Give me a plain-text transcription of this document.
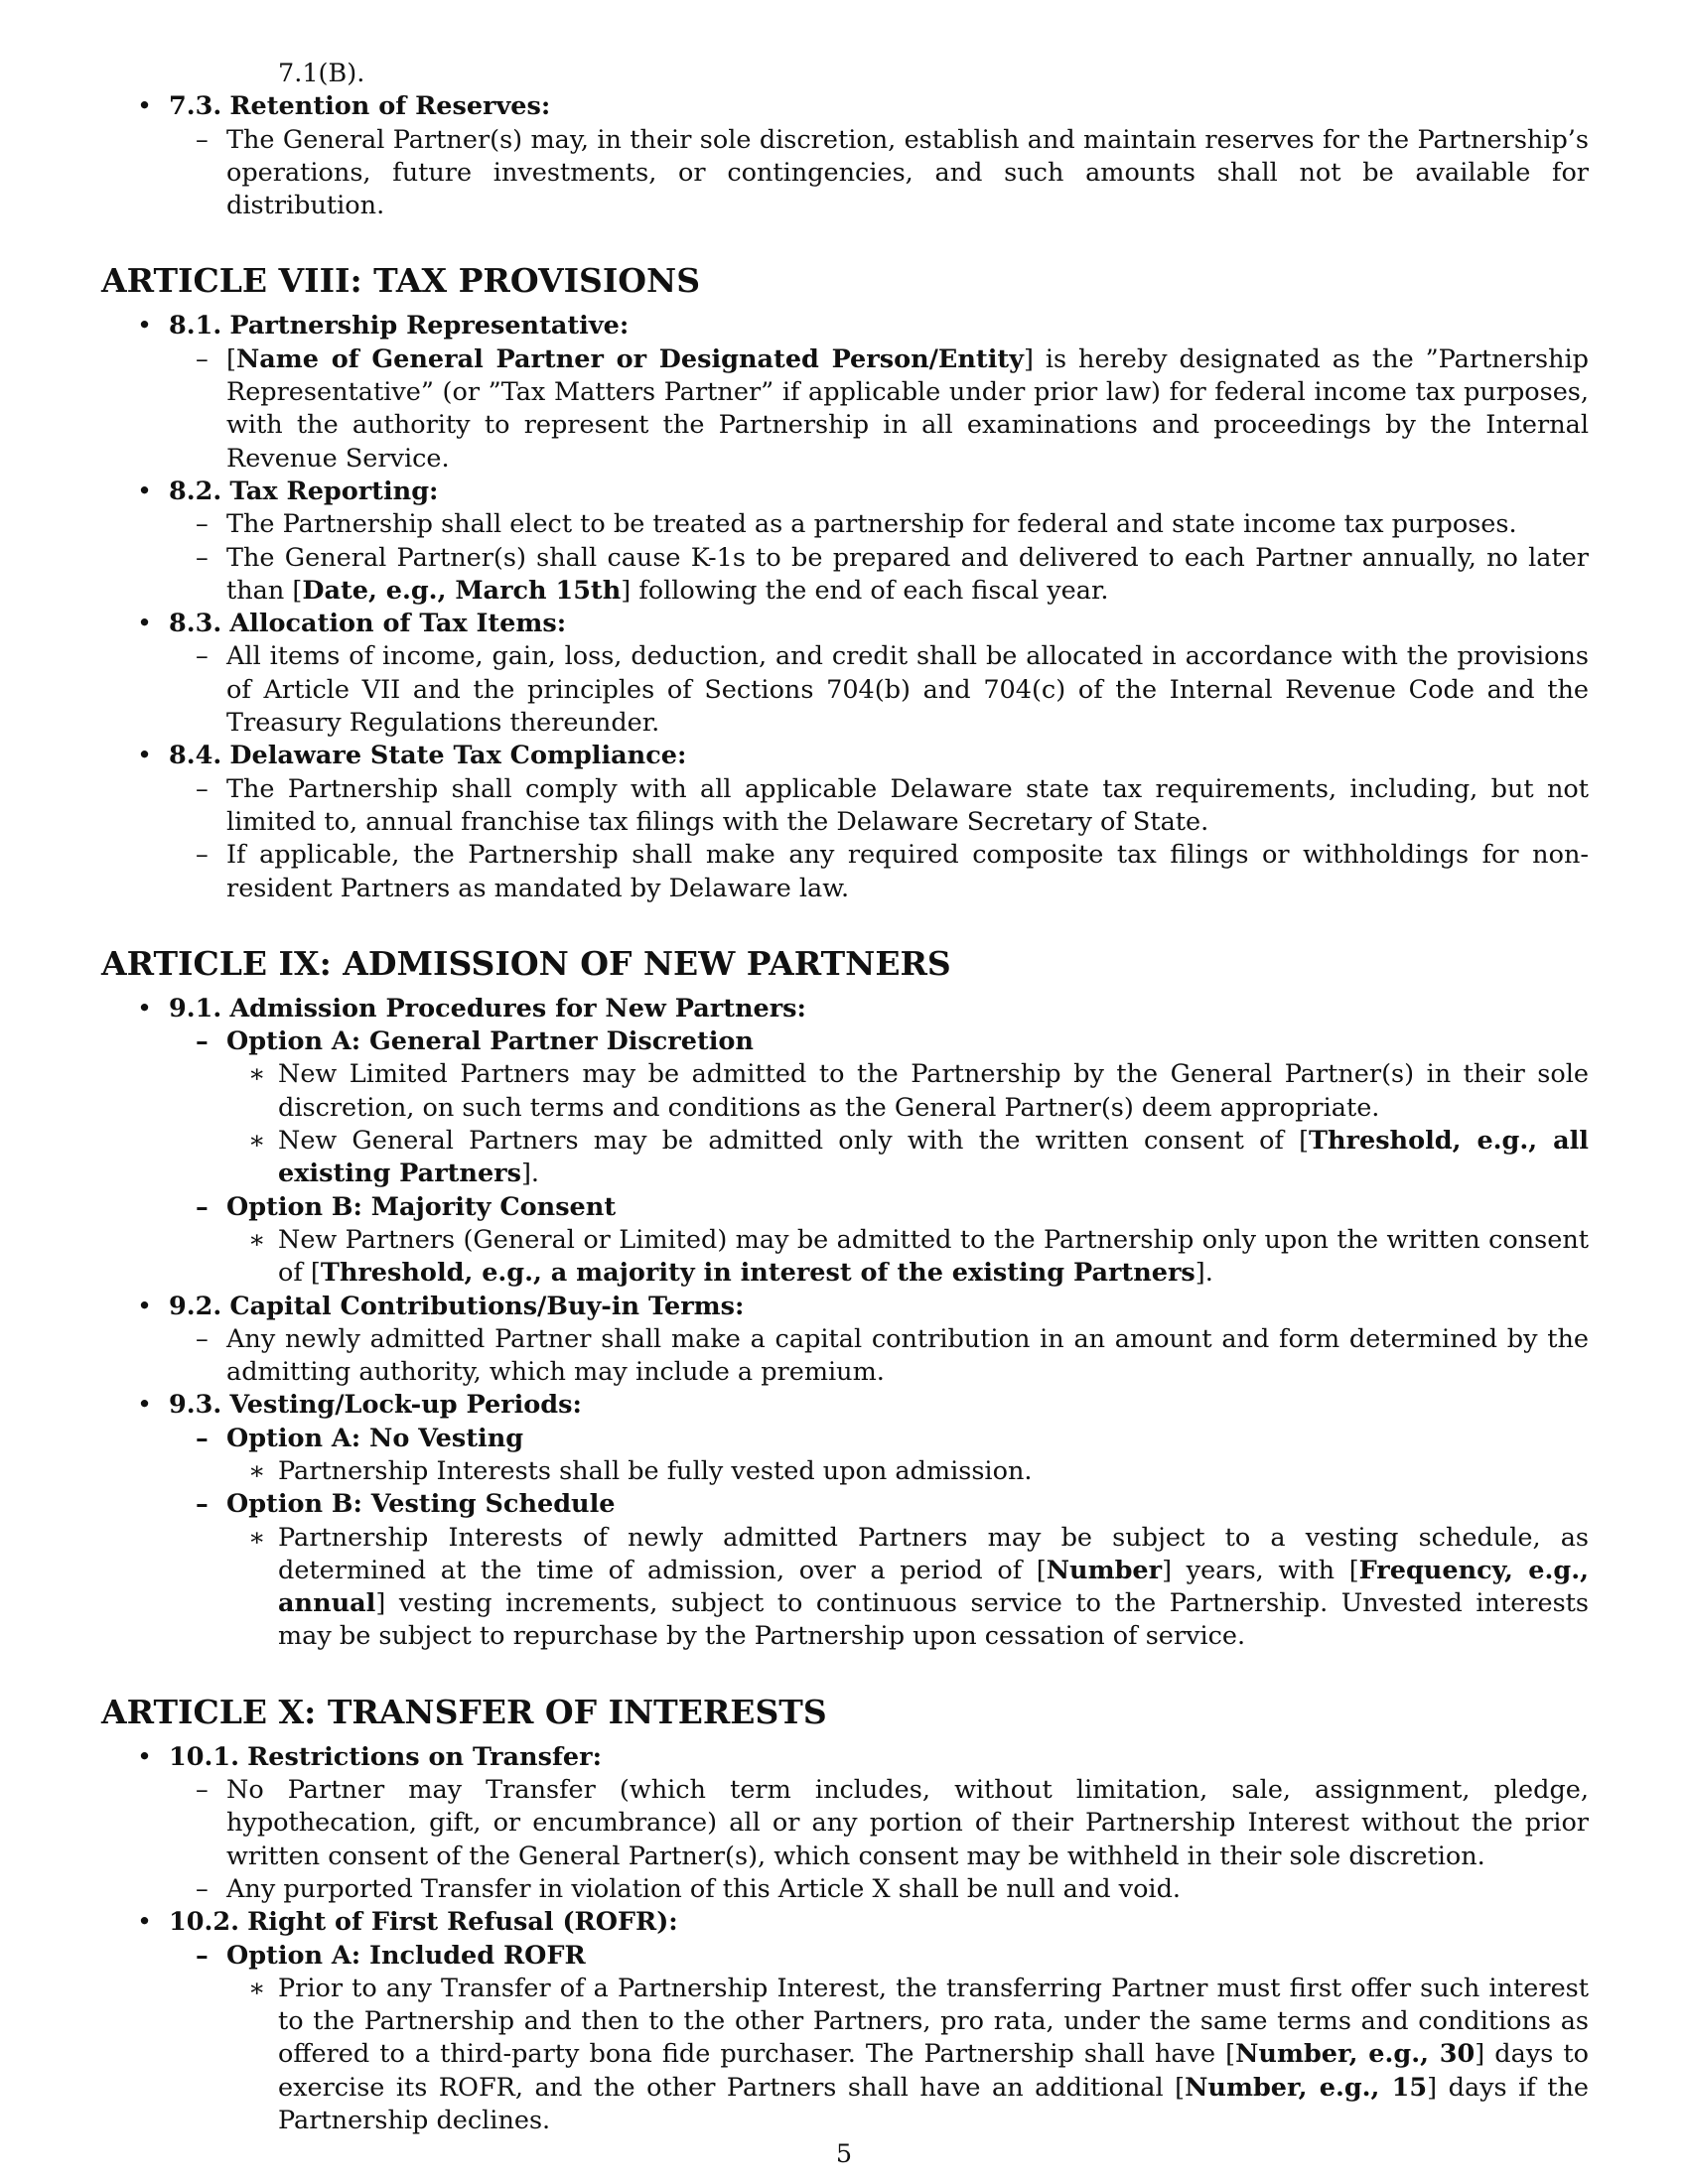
7.1(B).
• 7.3. Retention of Reserves:
– The General Partner(s) may, in their sole discretion, establish and maintain reserves for the Partnership’s operations, future investments, or contingencies, and such amounts shall not be available for distribution.
ARTICLE VIII: TAX PROVISIONS
• 8.1. Partnership Representative:
– [Name of General Partner or Designated Person/Entity] is hereby designated as the ”Partnership Representative” (or ”Tax Matters Partner” if applicable under prior law) for federal income tax purposes, with the authority to represent the Partnership in all examinations and proceedings by the Internal Revenue Service.
• 8.2. Tax Reporting:
– The Partnership shall elect to be treated as a partnership for federal and state income tax purposes.
– The General Partner(s) shall cause K-1s to be prepared and delivered to each Partner annually, no later than [Date, e.g., March 15th] following the end of each fiscal year.
• 8.3. Allocation of Tax Items:
– All items of income, gain, loss, deduction, and credit shall be allocated in accordance with the provisions of Article VII and the principles of Sections 704(b) and 704(c) of the Internal Revenue Code and the Treasury Regulations thereunder.
• 8.4. Delaware State Tax Compliance:
– The Partnership shall comply with all applicable Delaware state tax requirements, including, but not limited to, annual franchise tax filings with the Delaware Secretary of State.
– If applicable, the Partnership shall make any required composite tax filings or withholdings for non-resident Partners as mandated by Delaware law.
ARTICLE IX: ADMISSION OF NEW PARTNERS
• 9.1. Admission Procedures for New Partners:
– Option A: General Partner Discretion
∗ New Limited Partners may be admitted to the Partnership by the General Partner(s) in their sole discretion, on such terms and conditions as the General Partner(s) deem appropriate.
∗ New General Partners may be admitted only with the written consent of [Threshold, e.g., all existing Partners].
– Option B: Majority Consent
∗ New Partners (General or Limited) may be admitted to the Partnership only upon the written consent of [Threshold, e.g., a majority in interest of the existing Partners].
• 9.2. Capital Contributions/Buy-in Terms:
– Any newly admitted Partner shall make a capital contribution in an amount and form determined by the admitting authority, which may include a premium.
• 9.3. Vesting/Lock-up Periods:
– Option A: No Vesting
∗ Partnership Interests shall be fully vested upon admission.
– Option B: Vesting Schedule
∗ Partnership Interests of newly admitted Partners may be subject to a vesting schedule, as determined at the time of admission, over a period of [Number] years, with [Frequency, e.g., annual] vesting increments, subject to continuous service to the Partnership. Unvested interests may be subject to repurchase by the Partnership upon cessation of service.
ARTICLE X: TRANSFER OF INTERESTS
• 10.1. Restrictions on Transfer:
– No Partner may Transfer (which term includes, without limitation, sale, assignment, pledge, hypothecation, gift, or encumbrance) all or any portion of their Partnership Interest without the prior written consent of the General Partner(s), which consent may be withheld in their sole discretion.
– Any purported Transfer in violation of this Article X shall be null and void.
• 10.2. Right of First Refusal (ROFR):
– Option A: Included ROFR
∗ Prior to any Transfer of a Partnership Interest, the transferring Partner must first offer such interest to the Partnership and then to the other Partners, pro rata, under the same terms and conditions as offered to a third-party bona fide purchaser. The Partnership shall have [Number, e.g., 30] days to exercise its ROFR, and the other Partners shall have an additional [Number, e.g., 15] days if the Partnership declines.
5
